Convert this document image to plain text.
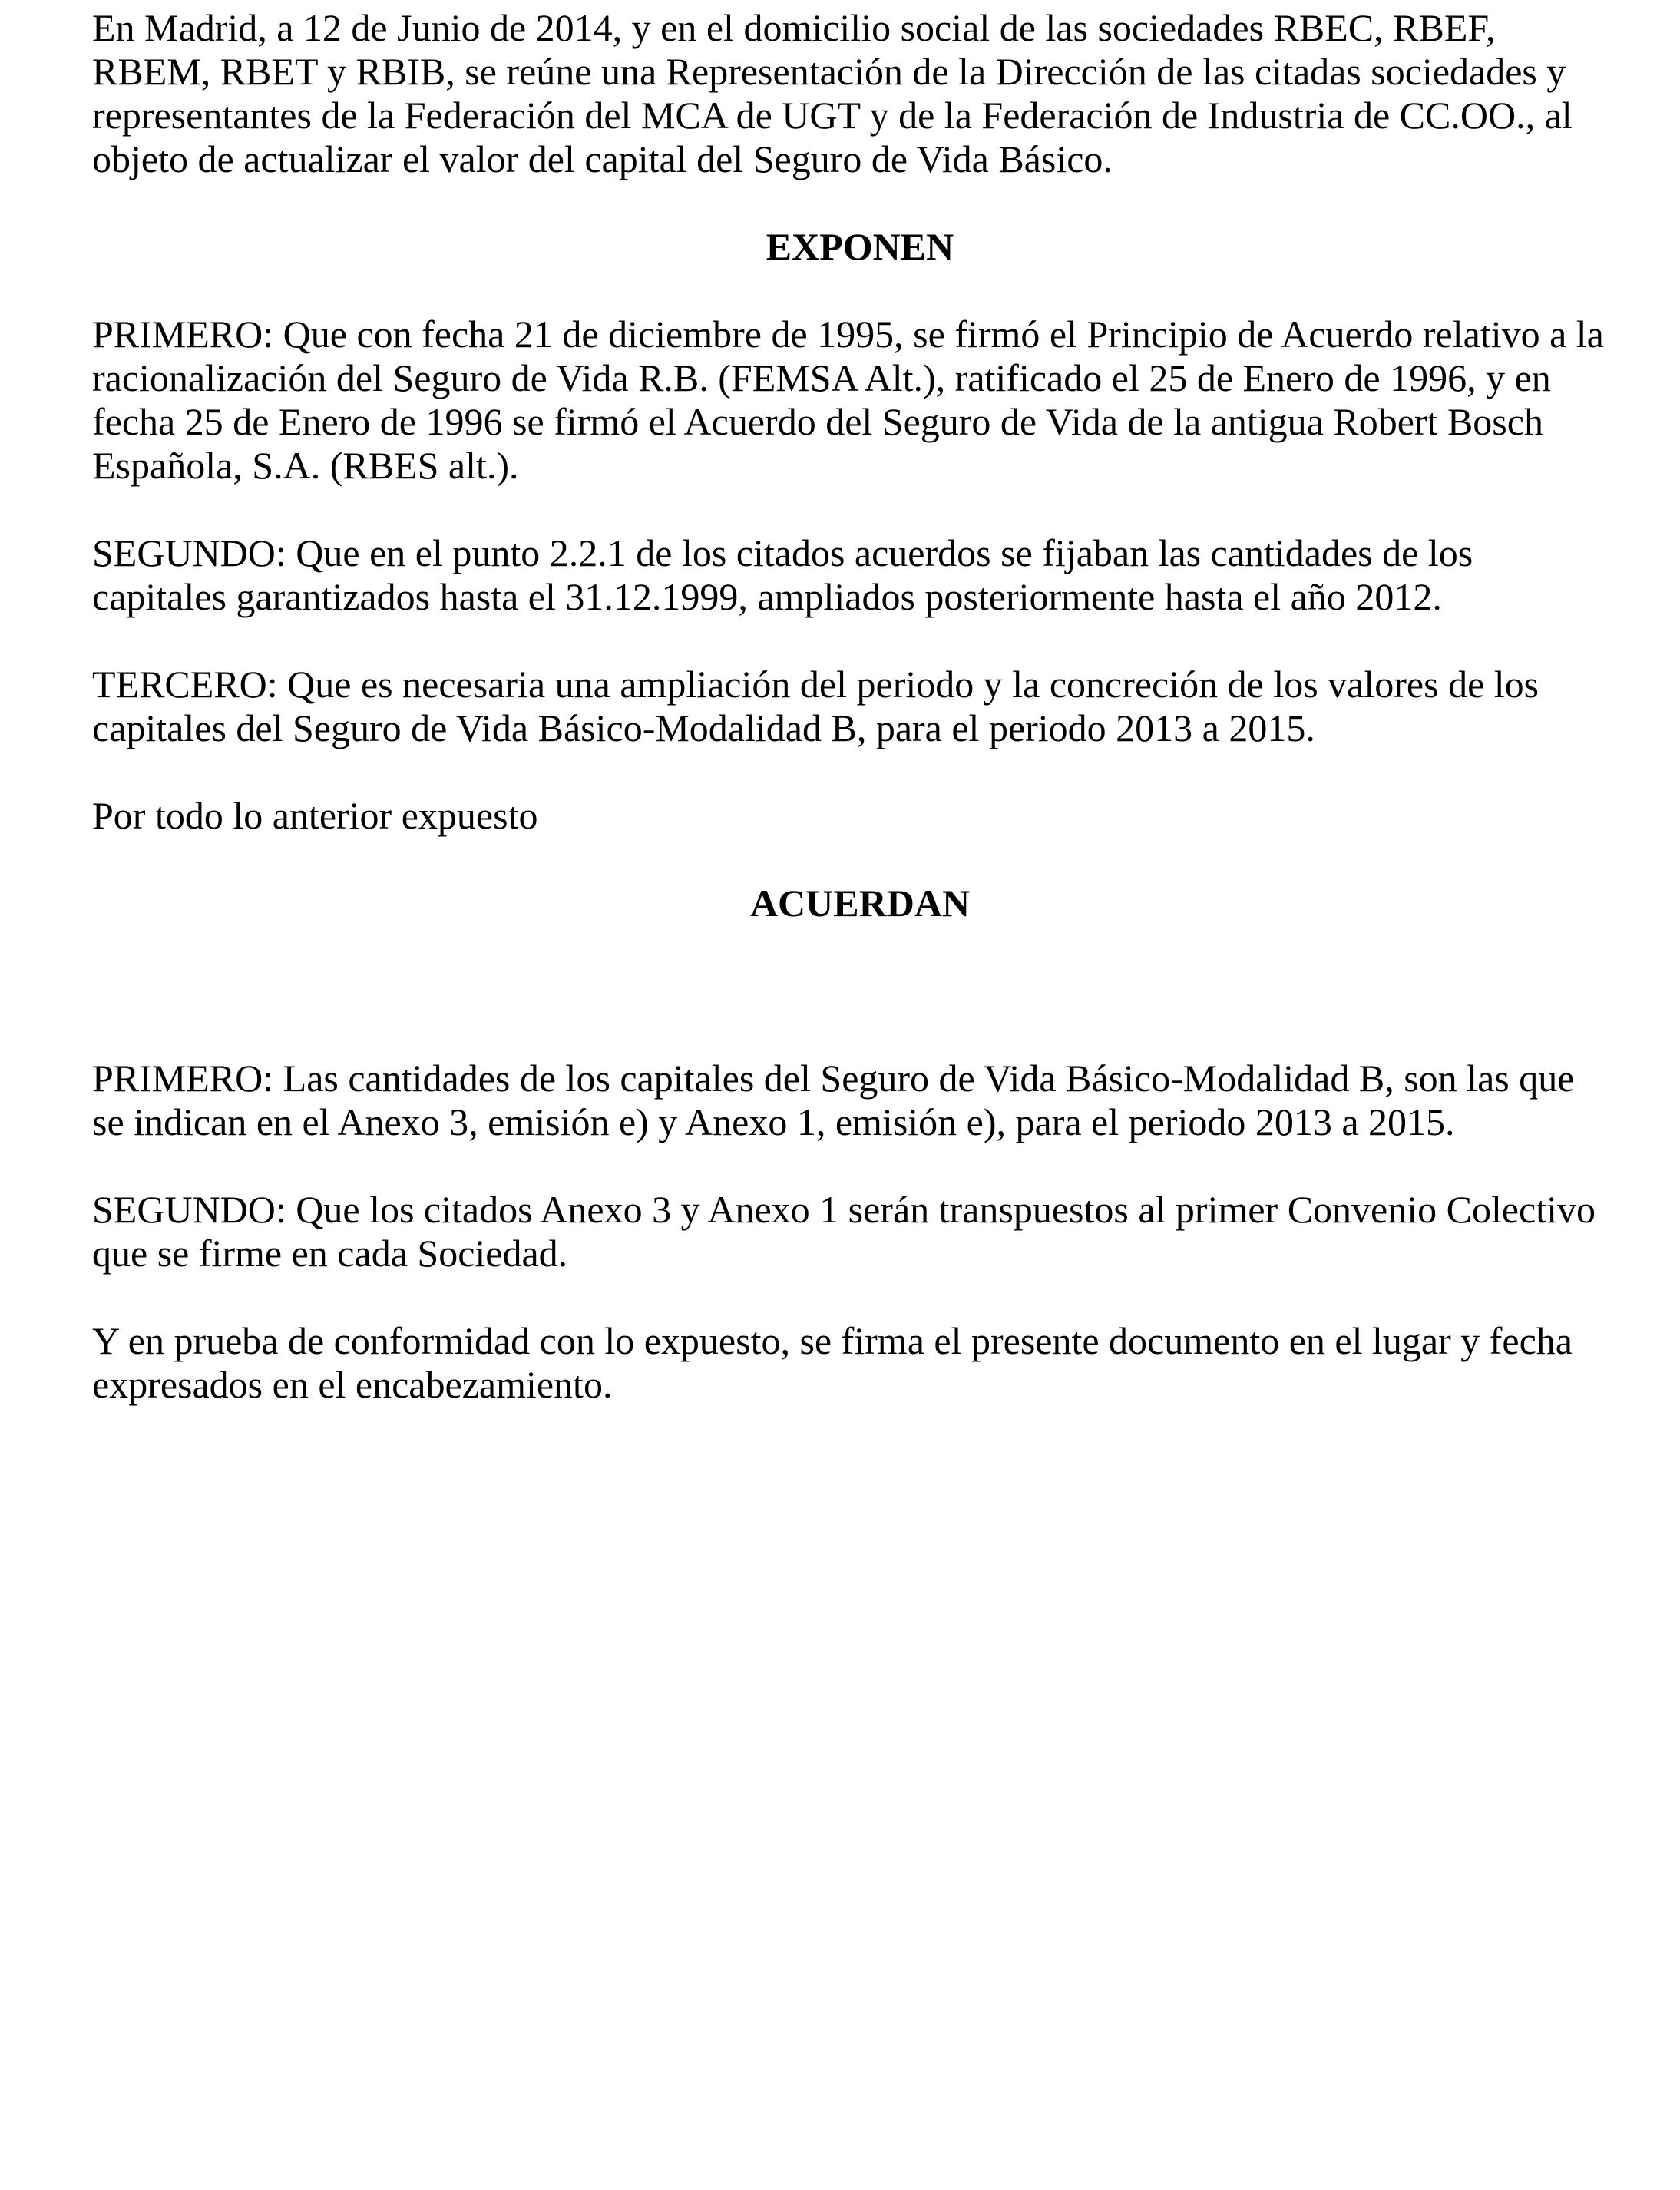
En Madrid, a 12 de Junio de 2014, y en el domicilio social de las sociedades RBEC, RBEF,
RBEM, RBET y RBIB, se reúne una Representación de la Dirección de las citadas sociedades y
representantes de la Federación del MCA de UGT y de la Federación de Industria de CC.OO., al
objeto de actualizar el valor del capital del Seguro de Vida Básico.

EXPONEN

PRIMERO: Que con fecha 21 de diciembre de 1995, se firmó el Principio de Acuerdo relativo a la
racionalización del Seguro de Vida R.B. (FEMSA Alt.), ratificado el 25 de Enero de 1996, y en
fecha 25 de Enero de 1996 se firmó el Acuerdo del Seguro de Vida de la antigua Robert Bosch
Española, S.A. (RBES alt.).

SEGUNDO: Que en el punto 2.2.1 de los citados acuerdos se fijaban las cantidades de los
capitales garantizados hasta el 31.12.1999, ampliados posteriormente hasta el año 2012.

TERCERO: Que es necesaria una ampliación del periodo y la concreción de los valores de los
capitales del Seguro de Vida Básico-Modalidad B, para el periodo 2013 a 2015.

Por todo lo anterior expuesto

ACUERDAN

PRIMERO: Las cantidades de los capitales del Seguro de Vida Básico-Modalidad B, son las que
se indican en el Anexo 3, emisión e) y Anexo 1, emisión e), para el periodo 2013 a 2015.

SEGUNDO: Que los citados Anexo 3 y Anexo 1 serán transpuestos al primer Convenio Colectivo
que se firme en cada Sociedad.

Y en prueba de conformidad con lo expuesto, se firma el presente documento en el lugar y fecha
expresados en el encabezamiento.
